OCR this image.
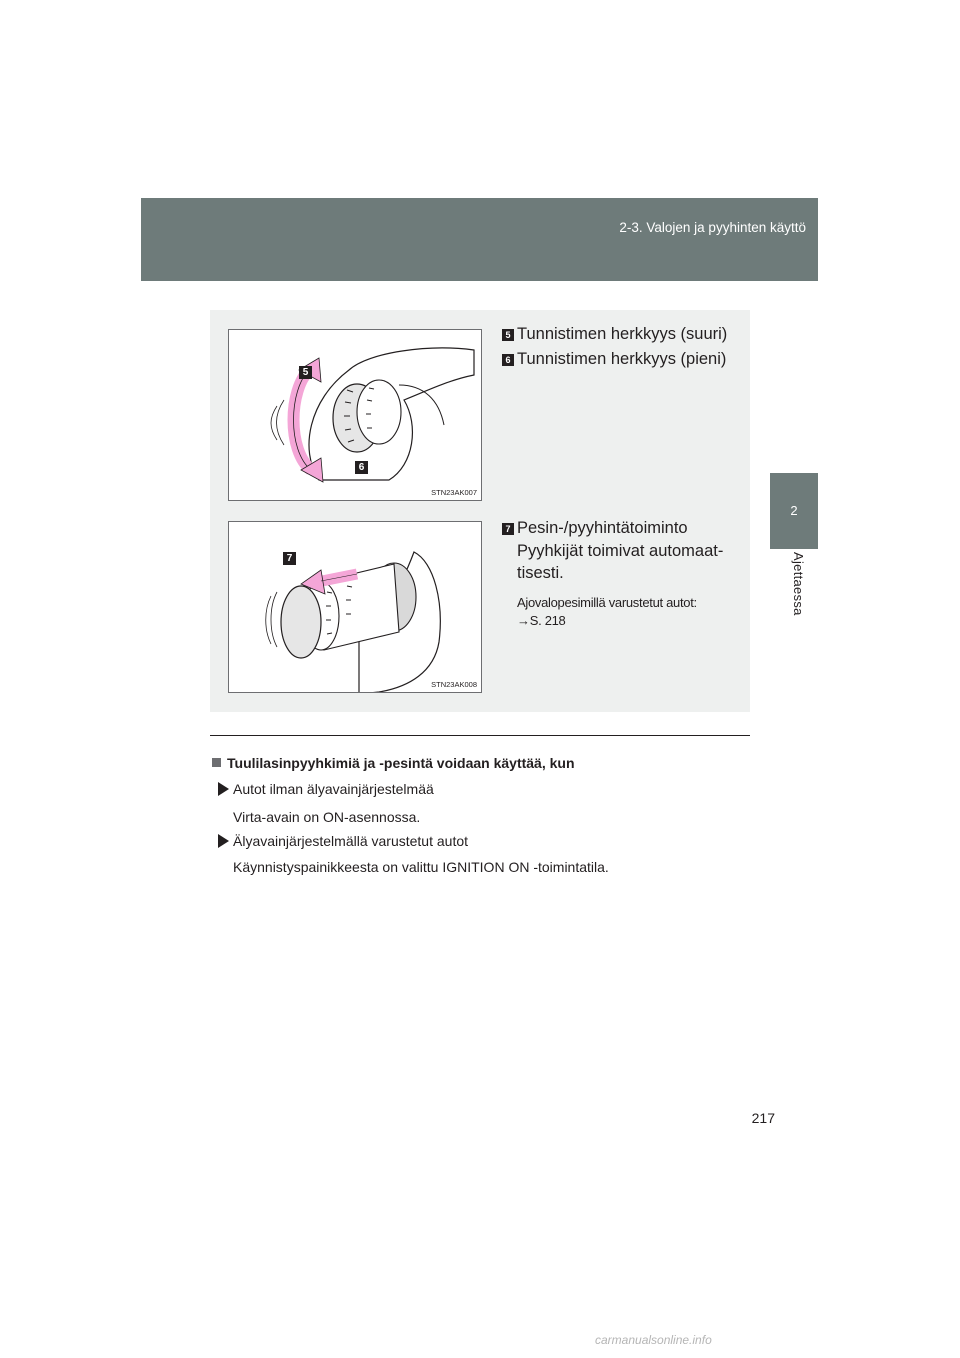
2-3. Valojen ja pyyhinten käyttö
2
Ajettaessa
5
6
STN23AK007
7
STN23AK008
5 Tunnistimen herkkyys (suuri)
6 Tunnistimen herkkyys (pieni)
7 Pesin-/pyyhintätoiminto
Pyyhkijät toimivat automaat-
tisesti.
Ajovalopesimillä varustetut autot:
→S. 218
Tuulilasinpyyhkimiä ja -pesintä voidaan käyttää, kun
Autot ilman älyavainjärjestelmää
Virta-avain on ON-asennossa.
Älyavainjärjestelmällä varustetut autot
Käynnistyspainikkeesta on valittu IGNITION ON -toimintatila.
217
carmanualsonline.info
